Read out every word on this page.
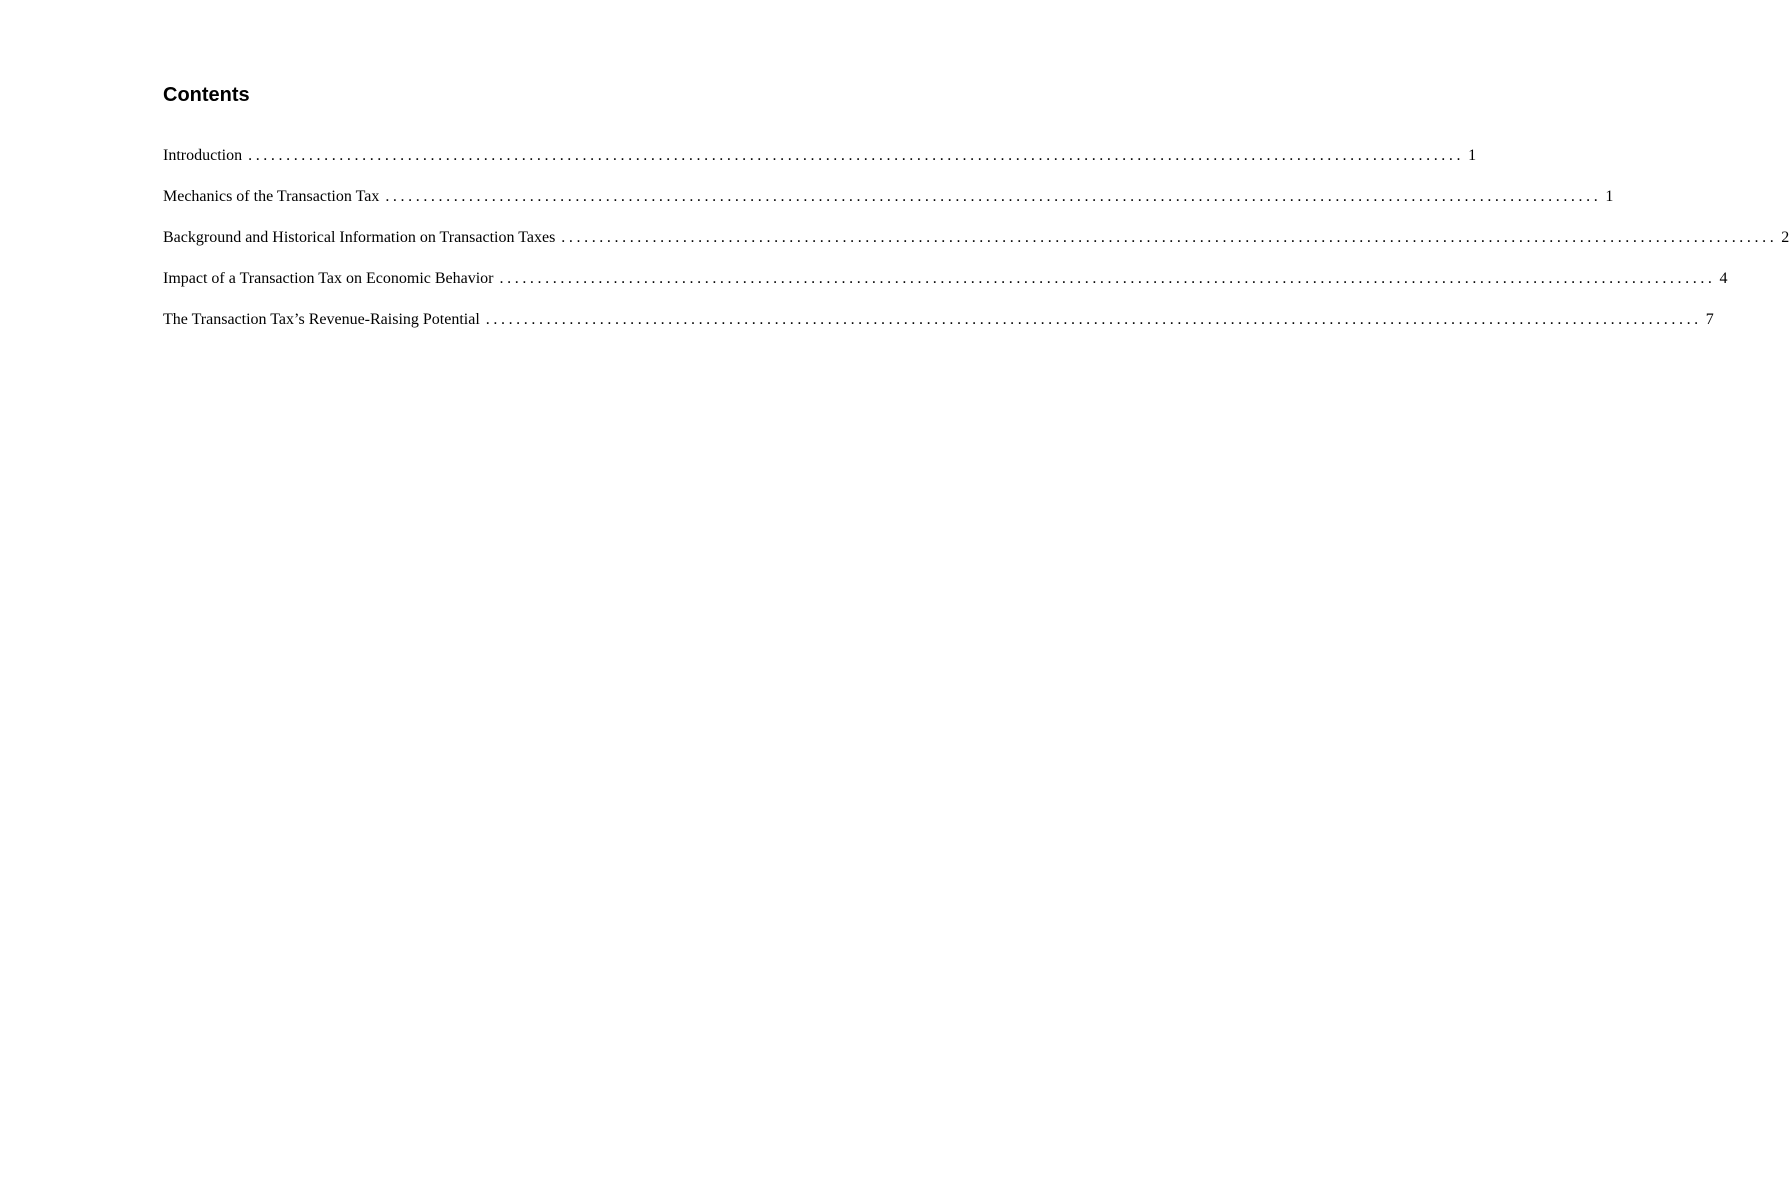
Contents
Introduction ................................................................................................................................................................ 1
Mechanics of the Transaction Tax ................................................................................................................................................................ 1
Background and Historical Information on Transaction Taxes ................................................................................................................................................................ 2
Impact of a Transaction Tax on Economic Behavior ................................................................................................................................................................ 4
The Transaction Tax’s Revenue-Raising Potential ................................................................................................................................................................ 7
